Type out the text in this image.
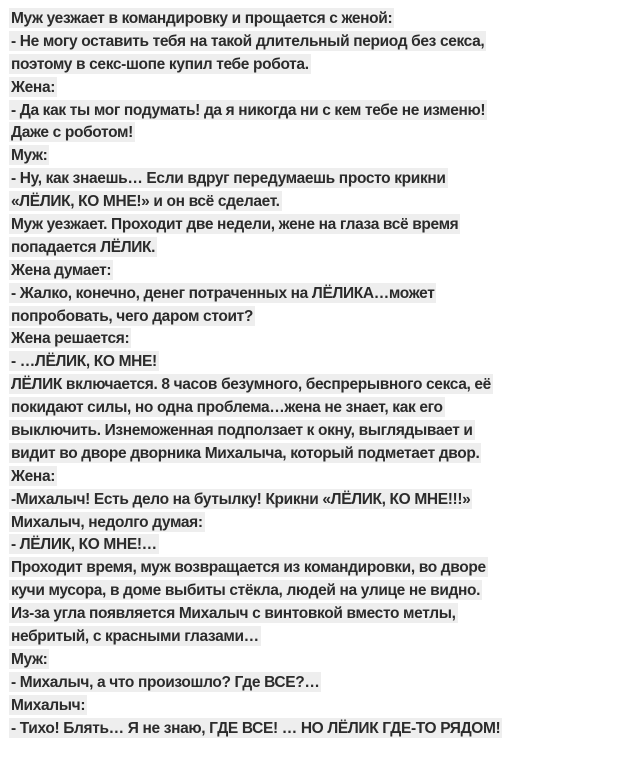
Муж уезжает в командировку и прощается с женой:
- Не могу оставить тебя на такой длительный период без секса,
поэтому в секс-шопе купил тебе робота.
Жена:
- Да как ты мог подумать! да я никогда ни с кем тебе не изменю!
Даже с роботом!
Муж:
- Ну, как знаешь… Если вдруг передумаешь просто крикни
«ЛЁЛИК, КО МНЕ!» и он всё сделает.
Муж уезжает. Проходит две недели, жене на глаза всё время
попадается ЛЁЛИК.
Жена думает:
- Жалко, конечно, денег потраченных на ЛЁЛИКА…может
попробовать, чего даром стоит?
Жена решается:
- …ЛЁЛИК, КО МНЕ!
ЛЁЛИК включается. 8 часов безумного, беспрерывного секса, её
покидают силы, но одна проблема…жена не знает, как его
выключить. Изнеможенная подползает к окну, выглядывает и
видит во дворе дворника Михалыча, который подметает двор.
Жена:
-Михалыч! Есть дело на бутылку! Крикни «ЛЁЛИК, КО МНЕ!!!»
Михалыч, недолго думая:
- ЛЁЛИК, КО МНЕ!…
Проходит время, муж возвращается из командировки, во дворе
кучи мусора, в доме выбиты стёкла, людей на улице не видно.
Из-за угла появляется Михалыч с винтовкой вместо метлы,
небритый, с красными глазами…
Муж:
- Михалыч, а что произошло? Где ВСЕ?…
Михалыч:
- Тихо! Блять… Я не знаю, ГДЕ ВСЕ! … НО ЛЁЛИК ГДЕ-ТО РЯДОМ!
